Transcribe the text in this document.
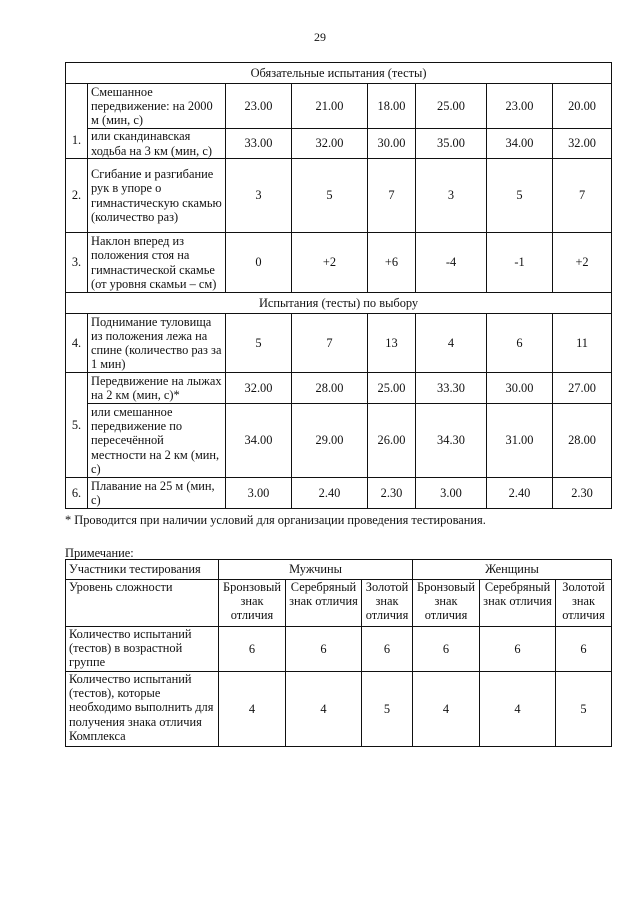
29
Обязательные испытания (тесты)							
1.	Смешанное передвижение: на 2000 м (мин, с)	23.00	21.00	18.00	25.00	23.00	20.00
	или скандинавская ходьба на 3 км (мин, с)	33.00	32.00	30.00	35.00	34.00	32.00
2.	Сгибание и разгибание рук в упоре о гимнастическую скамью (количество раз)	3	5	7	3	5	7
3.	Наклон вперед из положения стоя на гимнастической скамье (от уровня скамьи – см)	0	+2	+6	-4	-1	+2
Испытания (тесты) по выбору							
4.	Поднимание туловища из положения лежа на спине (количество раз за 1 мин)	5	7	13	4	6	11
5.	Передвижение на лыжах на 2 км (мин, с)*	32.00	28.00	25.00	33.30	30.00	27.00
	или смешанное передвижение по пересечённой местности на 2 км (мин, с)	34.00	29.00	26.00	34.30	31.00	28.00
6.	Плавание на 25 м (мин, с)	3.00	2.40	2.30	3.00	2.40	2.30
* Проводится при наличии условий для организации проведения тестирования.
Примечание:
Участники тестирования	Мужчины			Женщины		
Уровень сложности	Бронзовый знак отличия	Серебряный знак отличия	Золотой знак отличия	Бронзовый знак отличия	Серебряный знак отличия	Золотой знак отличия
Количество испытаний (тестов) в возрастной группе	6	6	6	6	6	6
Количество испытаний (тестов), которые необходимо выполнить для получения знака отличия Комплекса	4	4	5	4	4	5
